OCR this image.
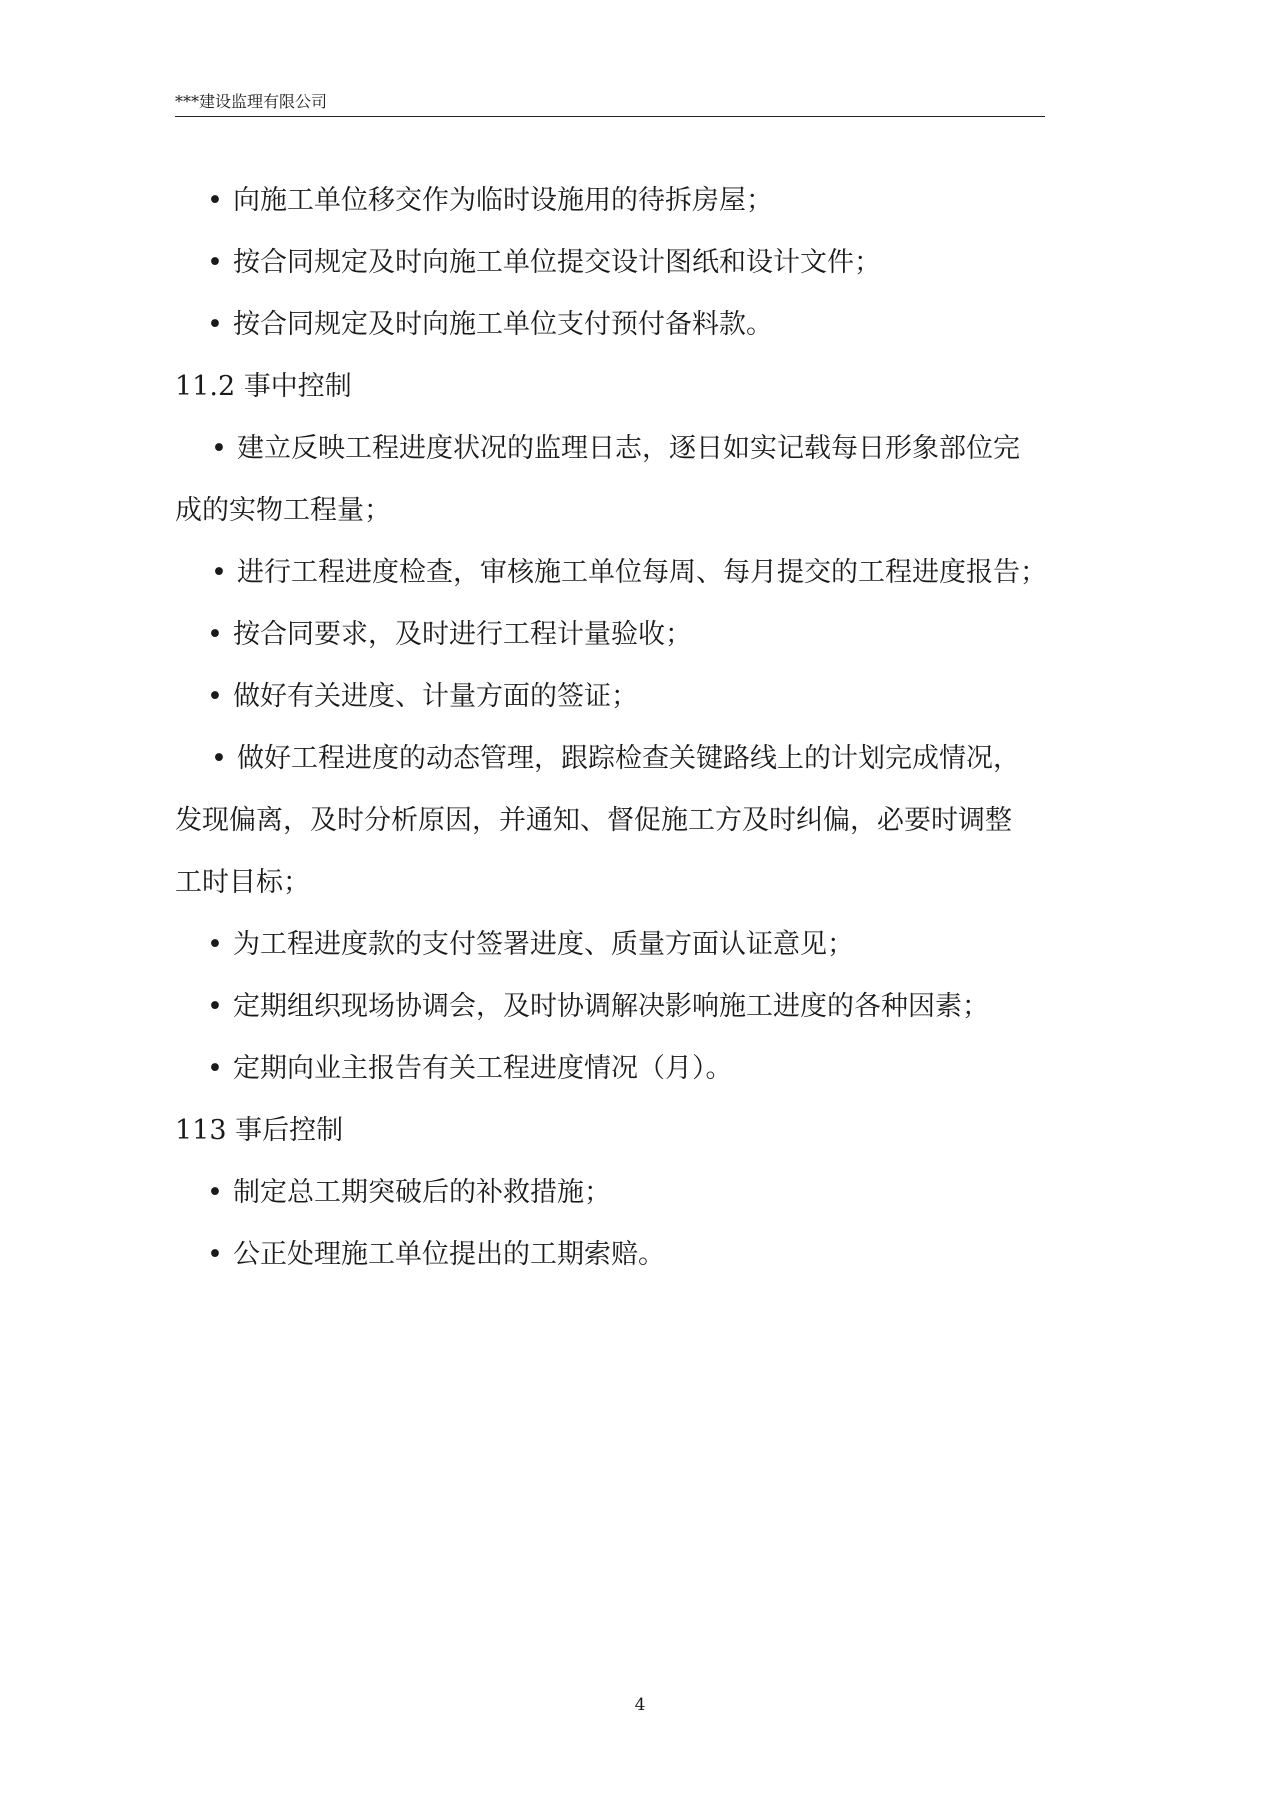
***建设监理有限公司
• 向施工单位移交作为临时设施用的待拆房屋；
• 按合同规定及时向施工单位提交设计图纸和设计文件；
• 按合同规定及时向施工单位支付预付备料款。
11.2 事中控制
• 建立反映工程进度状况的监理日志，逐日如实记载每日形象部位完
成的实物工程量；
• 进行工程进度检查，审核施工单位每周、每月提交的工程进度报告；
• 按合同要求，及时进行工程计量验收；
• 做好有关进度、计量方面的签证；
• 做好工程进度的动态管理，跟踪检查关键路线上的计划完成情况，
发现偏离，及时分析原因，并通知、督促施工方及时纠偏，必要时调整
工时目标；
• 为工程进度款的支付签署进度、质量方面认证意见；
• 定期组织现场协调会，及时协调解决影响施工进度的各种因素；
• 定期向业主报告有关工程进度情况（月）。
113 事后控制
• 制定总工期突破后的补救措施；
• 公正处理施工单位提出的工期索赔。
4
